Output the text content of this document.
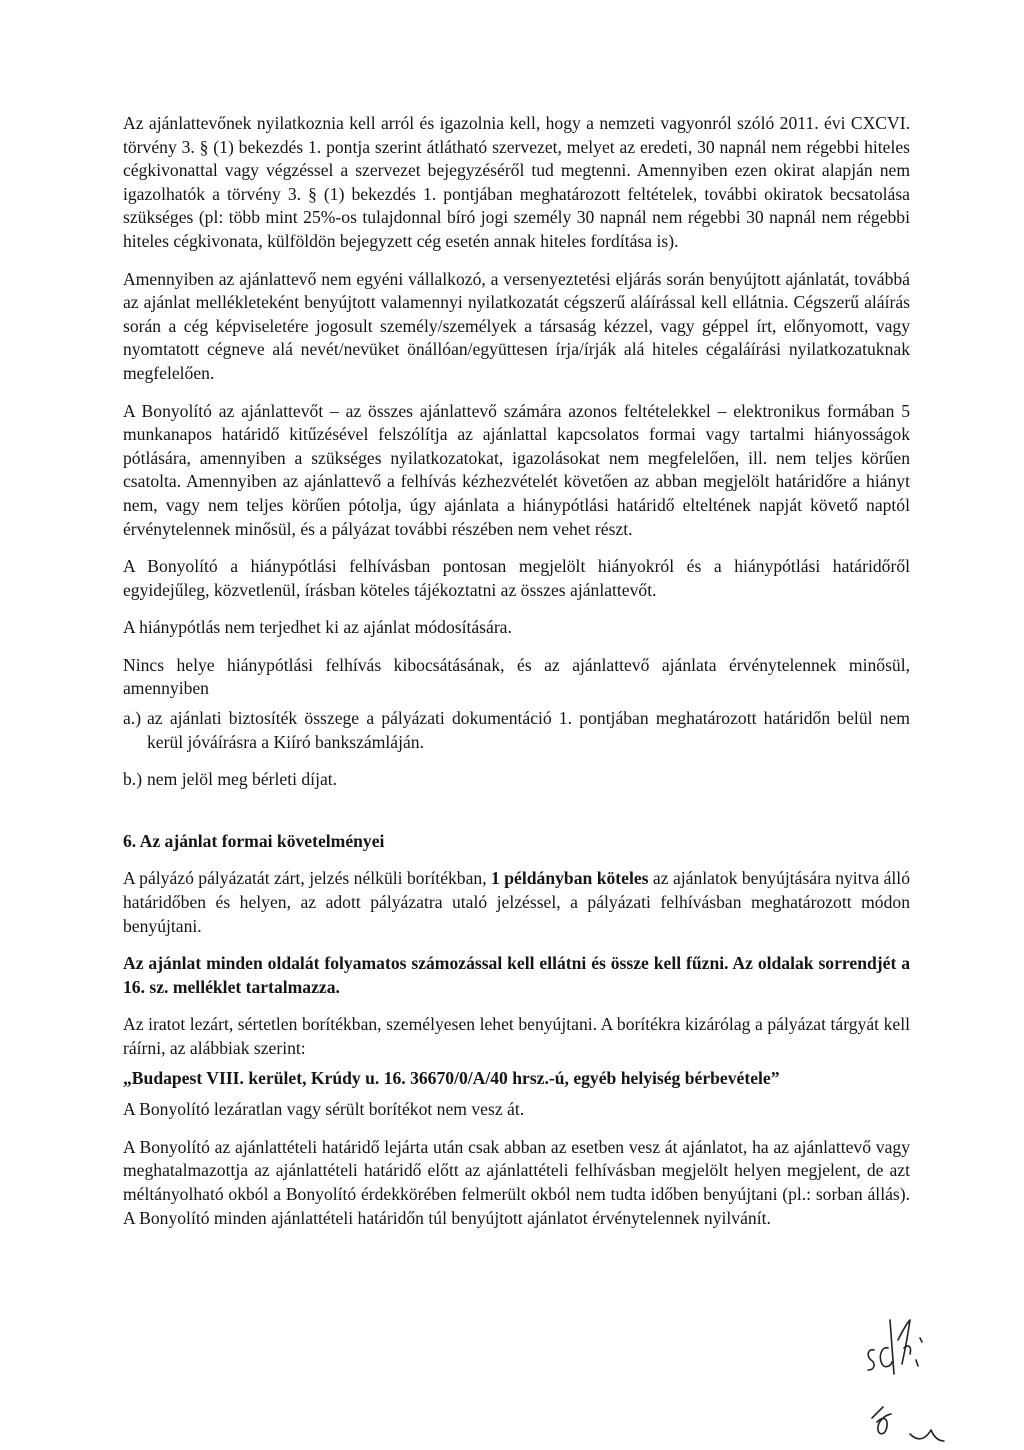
Az ajánlattevőnek nyilatkoznia kell arról és igazolnia kell, hogy a nemzeti vagyonról szóló 2011. évi CXCVI. törvény 3. § (1) bekezdés 1. pontja szerint átlátható szervezet, melyet az eredeti, 30 napnál nem régebbi hiteles cégkivonattal vagy végzéssel a szervezet bejegyzéséről tud megtenni. Amennyiben ezen okirat alapján nem igazolhatók a törvény 3. § (1) bekezdés 1. pontjában meghatározott feltételek, további okiratok becsatolása szükséges (pl: több mint 25%-os tulajdonnal bíró jogi személy 30 napnál nem régebbi 30 napnál nem régebbi hiteles cégkivonata, külföldön bejegyzett cég esetén annak hiteles fordítása is).

Amennyiben az ajánlattevő nem egyéni vállalkozó, a versenyeztetési eljárás során benyújtott ajánlatát, továbbá az ajánlat mellékleteként benyújtott valamennyi nyilatkozatát cégszerű aláírással kell ellátnia. Cégszerű aláírás során a cég képviseletére jogosult személy/személyek a társaság kézzel, vagy géppel írt, előnyomott, vagy nyomtatott cégneve alá nevét/nevüket önállóan/együttesen írja/írják alá hiteles cégaláírási nyilatkozatuknak megfelelően.

A Bonyolító az ajánlattevőt – az összes ajánlattevő számára azonos feltételekkel – elektronikus formában 5 munkanapos határidő kitűzésével felszólítja az ajánlattal kapcsolatos formai vagy tartalmi hiányosságok pótlására, amennyiben a szükséges nyilatkozatokat, igazolásokat nem megfelelően, ill. nem teljes körűen csatolta. Amennyiben az ajánlattevő a felhívás kézhezvételét követően az abban megjelölt határidőre a hiányt nem, vagy nem teljes körűen pótolja, úgy ajánlata a hiánypótlási határidő elteltének napját követő naptól érvénytelennek minősül, és a pályázat további részében nem vehet részt.

A Bonyolító a hiánypótlási felhívásban pontosan megjelölt hiányokról és a hiánypótlási határidőről egyidejűleg, közvetlenül, írásban köteles tájékoztatni az összes ajánlattevőt.

A hiánypótlás nem terjedhet ki az ajánlat módosítására.

Nincs helye hiánypótlási felhívás kibocsátásának, és az ajánlattevő ajánlata érvénytelennek minősül, amennyiben

a.) az ajánlati biztosíték összege a pályázati dokumentáció 1. pontjában meghatározott határidőn belül nem kerül jóváírásra a Kiíró bankszámláján.
b.) nem jelöl meg bérleti díjat.
6. Az ajánlat formai követelményei

A pályázó pályázatát zárt, jelzés nélküli borítékban, 1 példányban köteles az ajánlatok benyújtására nyitva álló határidőben és helyen, az adott pályázatra utaló jelzéssel, a pályázati felhívásban meghatározott módon benyújtani.

Az ajánlat minden oldalát folyamatos számozással kell ellátni és össze kell fűzni. Az oldalak sorrendjét a 16. sz. melléklet tartalmazza.

Az iratot lezárt, sértetlen borítékban, személyesen lehet benyújtani. A borítékra kizárólag a pályázat tárgyát kell ráírni, az alábbiak szerint:

„Budapest VIII. kerület, Krúdy u. 16. 36670/0/A/40 hrsz.-ú, egyéb helyiség bérbevétele”

A Bonyolító lezáratlan vagy sérült borítékot nem vesz át.

A Bonyolító az ajánlattételi határidő lejárta után csak abban az esetben vesz át ajánlatot, ha az ajánlattevő vagy meghatalmazottja az ajánlattételi határidő előtt az ajánlattételi felhívásban megjelölt helyen megjelent, de azt méltányolható okból a Bonyolító érdekkörében felmerült okból nem tudta időben benyújtani (pl.: sorban állás). A Bonyolító minden ajánlattételi határidőn túl benyújtott ajánlatot érvénytelennek nyilvánít.
